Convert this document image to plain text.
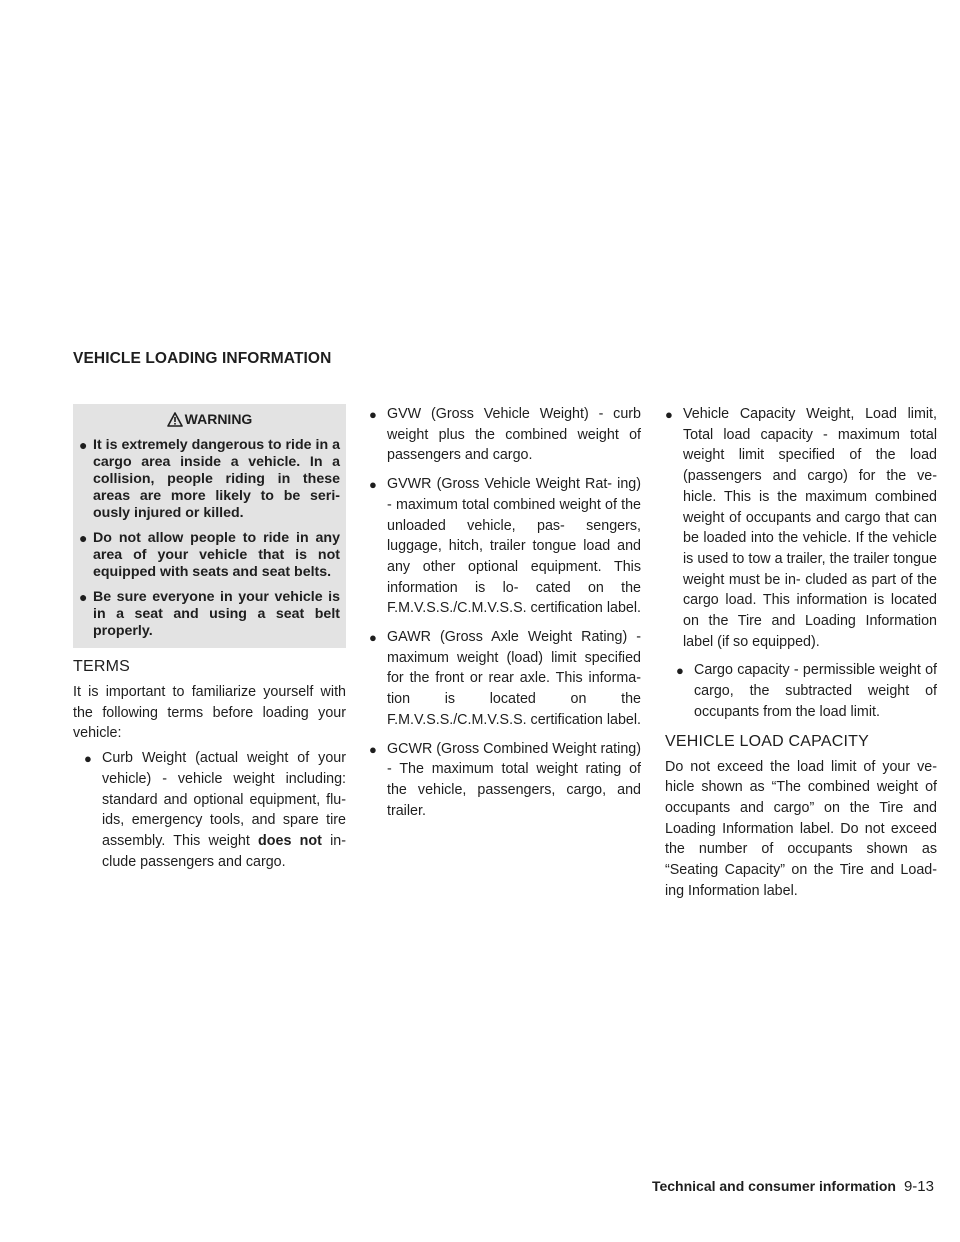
VEHICLE LOADING INFORMATION
WARNING
● It is extremely dangerous to ride in a cargo area inside a vehicle. In a collision, people riding in these areas are more likely to be seri- ously injured or killed.
● Do not allow people to ride in any area of your vehicle that is not equipped with seats and seat belts.
● Be sure everyone in your vehicle is in a seat and using a seat belt properly.
TERMS

It is important to familiarize yourself with the following terms before loading your vehicle:

● Curb Weight (actual weight of your vehicle) - vehicle weight including: standard and optional equipment, flu- ids, emergency tools, and spare tire assembly. This weight does not in- clude passengers and cargo.
● GVW (Gross Vehicle Weight) - curb weight plus the combined weight of passengers and cargo.
● GVWR (Gross Vehicle Weight Rat- ing) - maximum total combined weight of the unloaded vehicle, pas- sengers, luggage, hitch, trailer tongue load and any other optional equipment. This information is lo- cated on the F.M.V.S.S./C.M.V.S.S. certification label.
● GAWR (Gross Axle Weight Rating) - maximum weight (load) limit specified for the front or rear axle. This informa- tion is located on the F.M.V.S.S./C.M.V.S.S. certification label.
● GCWR (Gross Combined Weight rating) - The maximum total weight rating of the vehicle, passengers, cargo, and trailer.
● Vehicle Capacity Weight, Load limit, Total load capacity - maximum total weight limit specified of the load (passengers and cargo) for the ve- hicle. This is the maximum combined weight of occupants and cargo that can be loaded into the vehicle. If the vehicle is used to tow a trailer, the trailer tongue weight must be in- cluded as part of the cargo load. This information is located on the Tire and Loading Information label (if so equipped).
● Cargo capacity - permissible weight of cargo, the subtracted weight of occupants from the load limit.
VEHICLE LOAD CAPACITY

Do not exceed the load limit of your ve- hicle shown as “The combined weight of occupants and cargo” on the Tire and Loading Information label. Do not exceed the number of occupants shown as “Seating Capacity” on the Tire and Load- ing Information label.

Technical and consumer information 9-13
